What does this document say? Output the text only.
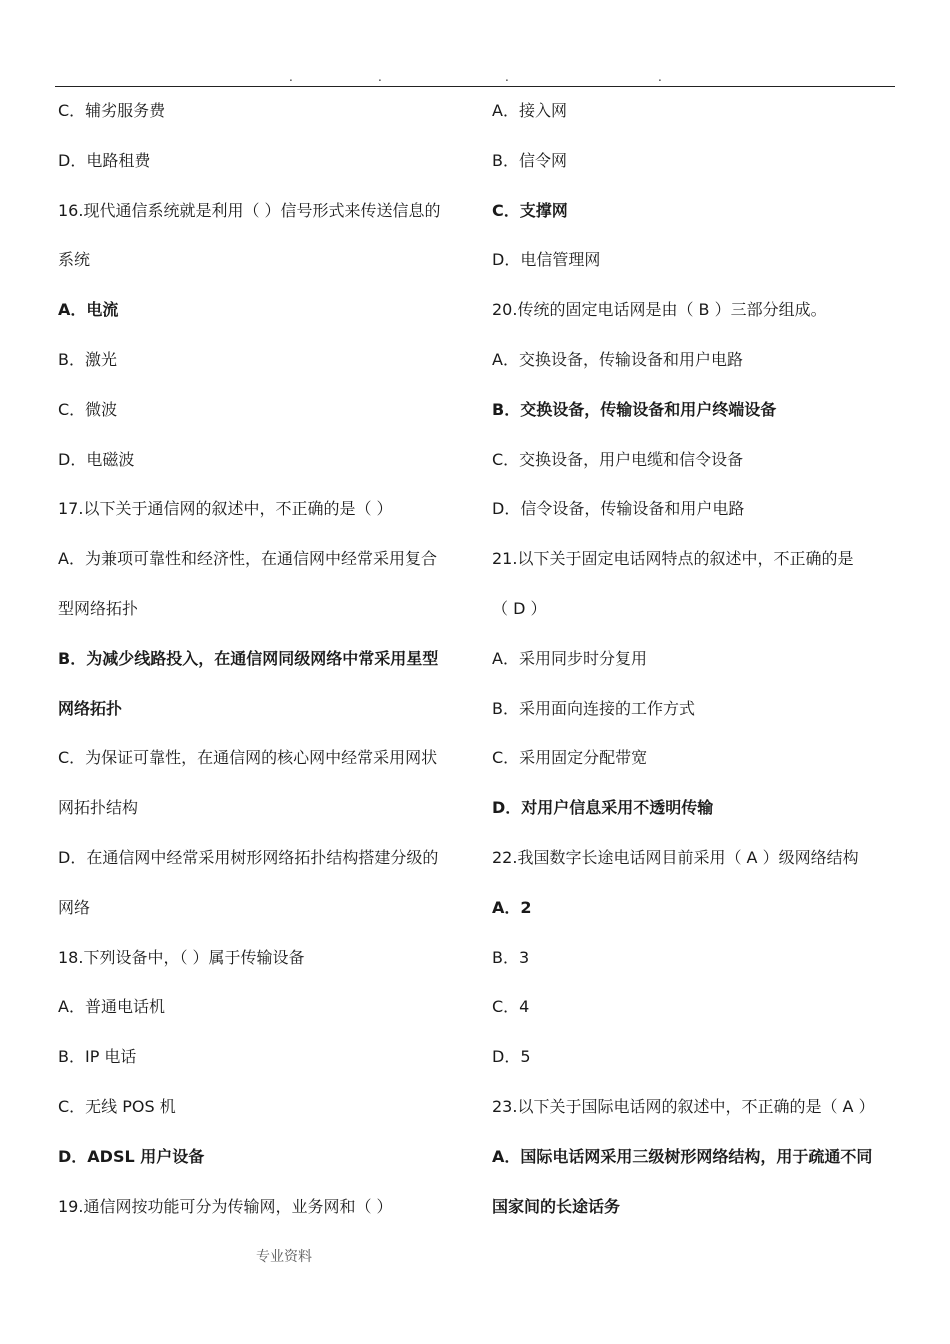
.	.	.	.
C．辅劣服务费
D．电路租费
16.现代通信系统就是利用（ ）信号形式来传送信息的
系统
A．电流
B．激光
C．微波
D．电磁波
17.以下关于通信网的叙述中，不正确的是（ ）
A．为兼项可靠性和经济性，在通信网中经常采用复合
型网络拓扑
B．为减少线路投入，在通信网同级网络中常采用星型
网络拓扑
C．为保证可靠性，在通信网的核心网中经常采用网状
网拓扑结构
D．在通信网中经常采用树形网络拓扑结构搭建分级的
网络
18.下列设备中，（ ）属于传输设备
A．普通电话机
B．IP 电话
C．无线 POS 机
D．ADSL 用户设备
19.通信网按功能可分为传输网，业务网和（ ）
A．接入网
B．信令网
C．支撑网
D．电信管理网
20.传统的固定电话网是由（ B ）三部分组成。
A．交换设备，传输设备和用户电路
B．交换设备，传输设备和用户终端设备
C．交换设备，用户电缆和信令设备
D．信令设备，传输设备和用户电路
21.以下关于固定电话网特点的叙述中，不正确的是
（ D ）
A．采用同步时分复用
B．采用面向连接的工作方式
C．采用固定分配带宽
D．对用户信息采用不透明传输
22.我国数字长途电话网目前采用（ A ）级网络结构
A．2
B．3
C．4
D．5
23.以下关于国际电话网的叙述中，不正确的是（ A ）
A．国际电话网采用三级树形网络结构，用于疏通不同
国家间的长途话务
专业资料
